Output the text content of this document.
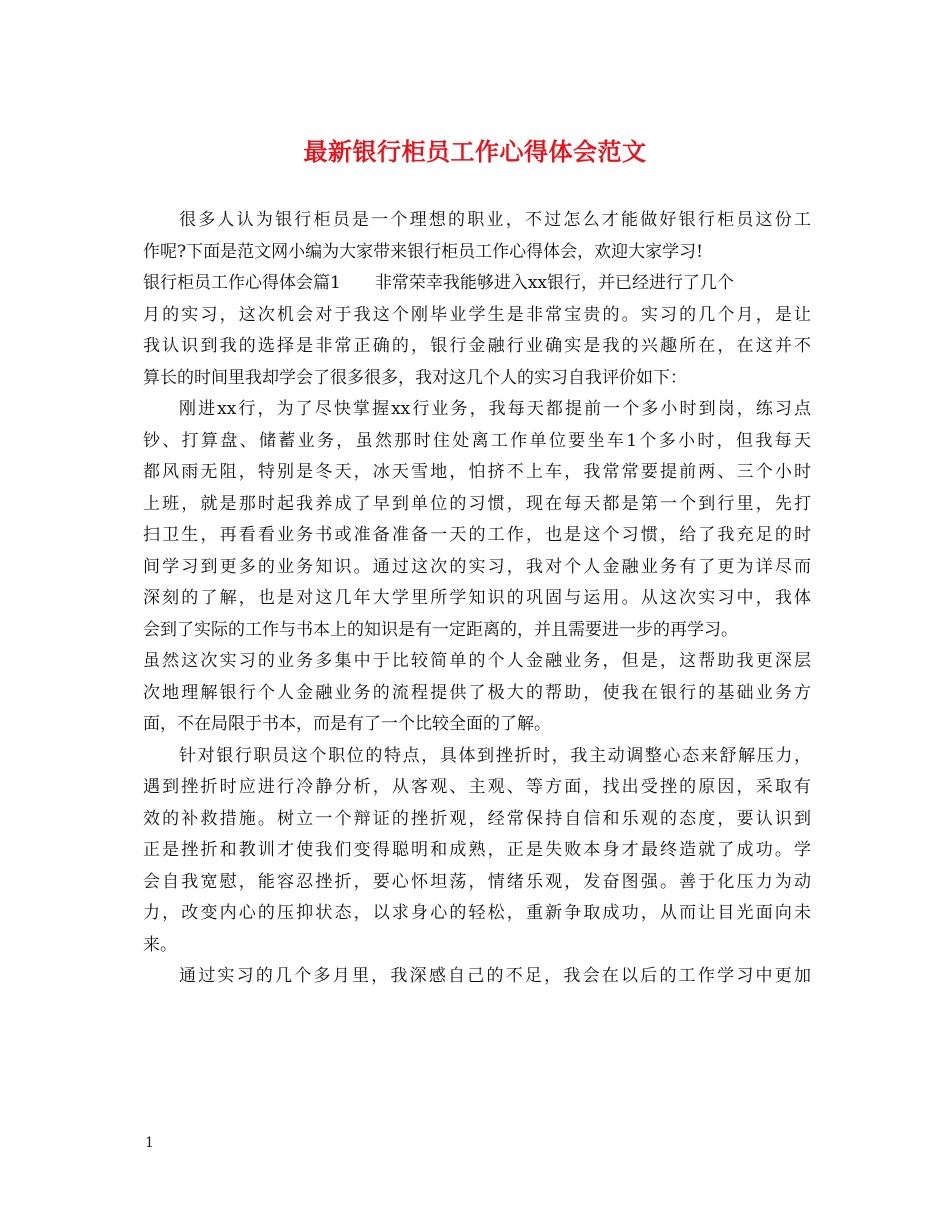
最新银行柜员工作心得体会范文
很多人认为银行柜员是一个理想的职业，不过怎么才能做好银行柜员这份工
作呢?下面是范文网小编为大家带来银行柜员工作心得体会，欢迎大家学习!
银行柜员工作心得体会篇1 非常荣幸我能够进入xx银行，并已经进行了几个
月的实习，这次机会对于我这个刚毕业学生是非常宝贵的。实习的几个月，是让
我认识到我的选择是非常正确的，银行金融行业确实是我的兴趣所在，在这并不
算长的时间里我却学会了很多很多，我对这几个人的实习自我评价如下：
刚进xx行，为了尽快掌握xx行业务，我每天都提前一个多小时到岗，练习点
钞、打算盘、储蓄业务，虽然那时住处离工作单位要坐车1个多小时，但我每天
都风雨无阻，特别是冬天，冰天雪地，怕挤不上车，我常常要提前两、三个小时
上班，就是那时起我养成了早到单位的习惯，现在每天都是第一个到行里，先打
扫卫生，再看看业务书或准备准备一天的工作，也是这个习惯，给了我充足的时
间学习到更多的业务知识。通过这次的实习，我对个人金融业务有了更为详尽而
深刻的了解，也是对这几年大学里所学知识的巩固与运用。从这次实习中，我体
会到了实际的工作与书本上的知识是有一定距离的，并且需要进一步的再学习。
虽然这次实习的业务多集中于比较简单的个人金融业务，但是，这帮助我更深层
次地理解银行个人金融业务的流程提供了极大的帮助，使我在银行的基础业务方
面，不在局限于书本，而是有了一个比较全面的了解。
针对银行职员这个职位的特点，具体到挫折时，我主动调整心态来舒解压力，
遇到挫折时应进行冷静分析，从客观、主观、等方面，找出受挫的原因，采取有
效的补救措施。树立一个辩证的挫折观，经常保持自信和乐观的态度，要认识到
正是挫折和教训才使我们变得聪明和成熟，正是失败本身才最终造就了成功。学
会自我宽慰，能容忍挫折，要心怀坦荡，情绪乐观，发奋图强。善于化压力为动
力，改变内心的压抑状态，以求身心的轻松，重新争取成功，从而让目光面向未
来。
通过实习的几个多月里，我深感自己的不足，我会在以后的工作学习中更加
1
